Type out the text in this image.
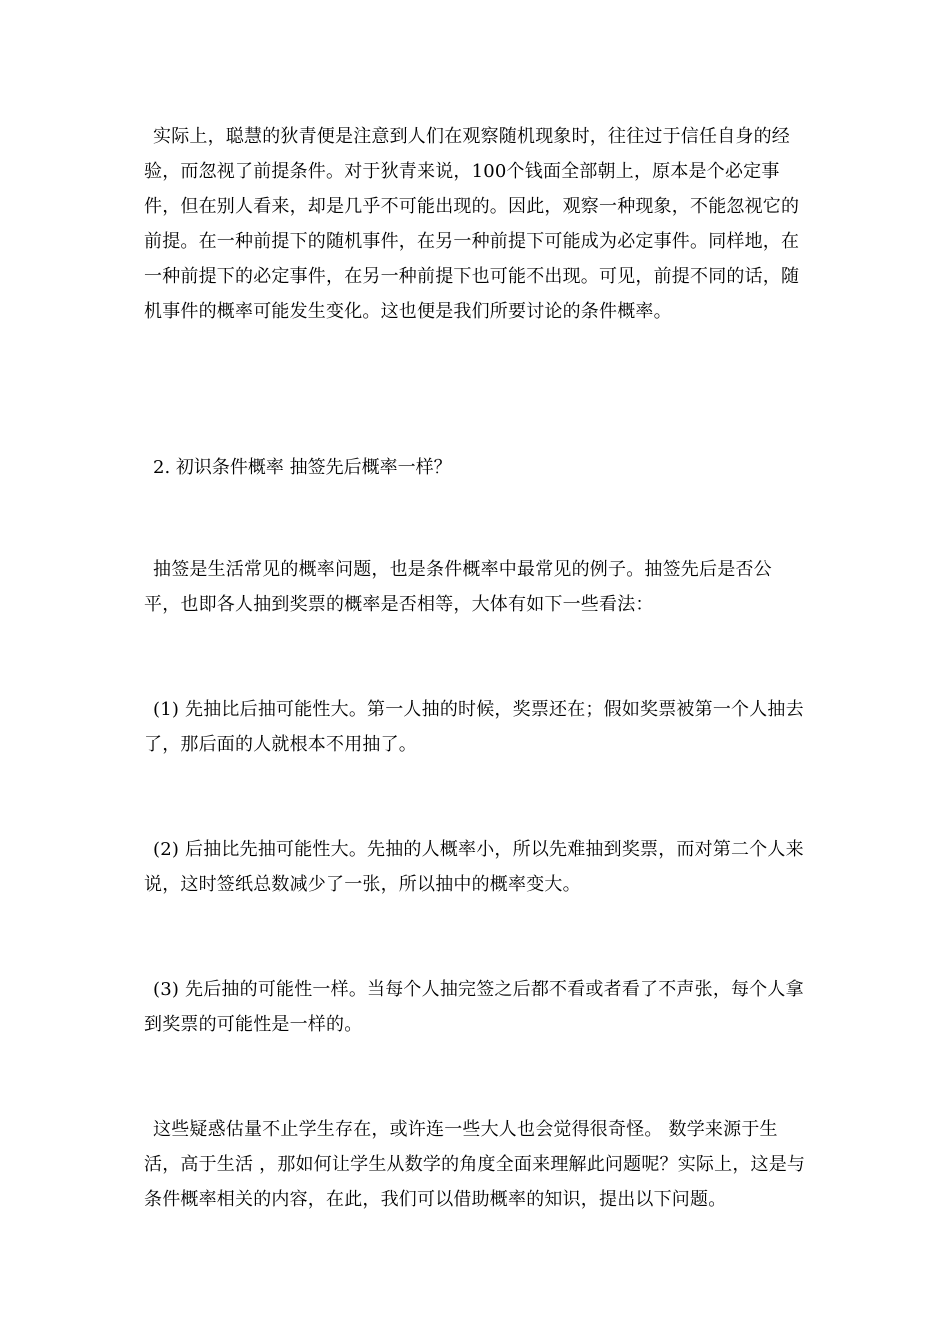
实际上，聪慧的狄青便是注意到人们在观察随机现象时，往往过于信任自身的经验，而忽视了前提条件。对于狄青来说，100个钱面全部朝上，原本是个必定事件，但在别人看来，却是几乎不可能出现的。因此，观察一种现象，不能忽视它的前提。在一种前提下的随机事件，在另一种前提下可能成为必定事件。同样地，在一种前提下的必定事件，在另一种前提下也可能不出现。可见，前提不同的话，随机事件的概率可能发生变化。这也便是我们所要讨论的条件概率。

2. 初识条件概率 抽签先后概率一样？

抽签是生活常见的概率问题，也是条件概率中最常见的例子。抽签先后是否公平，也即各人抽到奖票的概率是否相等，大体有如下一些看法：

(1) 先抽比后抽可能性大。第一人抽的时候，奖票还在；假如奖票被第一个人抽去了，那后面的人就根本不用抽了。

(2) 后抽比先抽可能性大。先抽的人概率小，所以先难抽到奖票，而对第二个人来说，这时签纸总数减少了一张，所以抽中的概率变大。

(3) 先后抽的可能性一样。当每个人抽完签之后都不看或者看了不声张，每个人拿到奖票的可能性是一样的。

这些疑惑估量不止学生存在，或许连一些大人也会觉得很奇怪。 数学来源于生活，高于生活 ，那如何让学生从数学的角度全面来理解此问题呢？实际上，这是与条件概率相关的内容，在此，我们可以借助概率的知识，提出以下问题。
